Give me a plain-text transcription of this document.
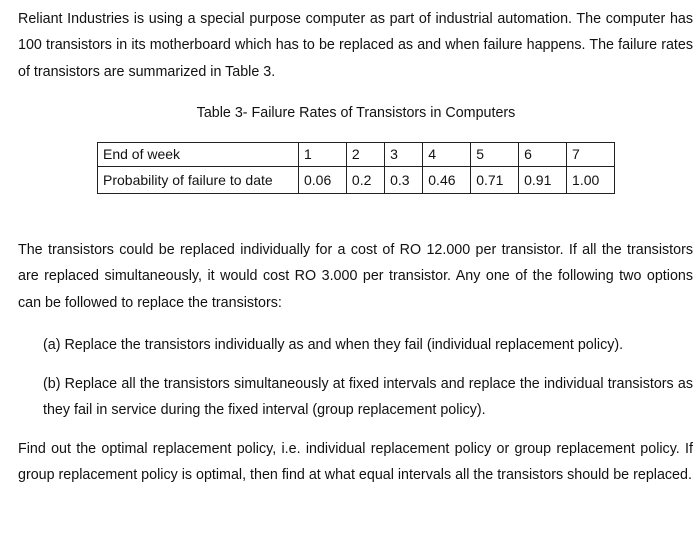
Reliant Industries is using a special purpose computer as part of industrial automation. The computer has 100 transistors in its motherboard which has to be replaced as and when failure happens. The failure rates of transistors are summarized in Table 3.

Table 3- Failure Rates of Transistors in Computers

End of week	1	2	3	4	5	6	7
Probability of failure to date	0.06	0.2	0.3	0.46	0.71	0.91	1.00

The transistors could be replaced individually for a cost of RO 12.000 per transistor. If all the transistors are replaced simultaneously, it would cost RO 3.000 per transistor. Any one of the following two options can be followed to replace the transistors:

(a) Replace the transistors individually as and when they fail (individual replacement policy).

(b) Replace all the transistors simultaneously at fixed intervals and replace the individual transistors as they fail in service during the fixed interval (group replacement policy).

Find out the optimal replacement policy, i.e. individual replacement policy or group replacement policy. If group replacement policy is optimal, then find at what equal intervals all the transistors should be replaced.
